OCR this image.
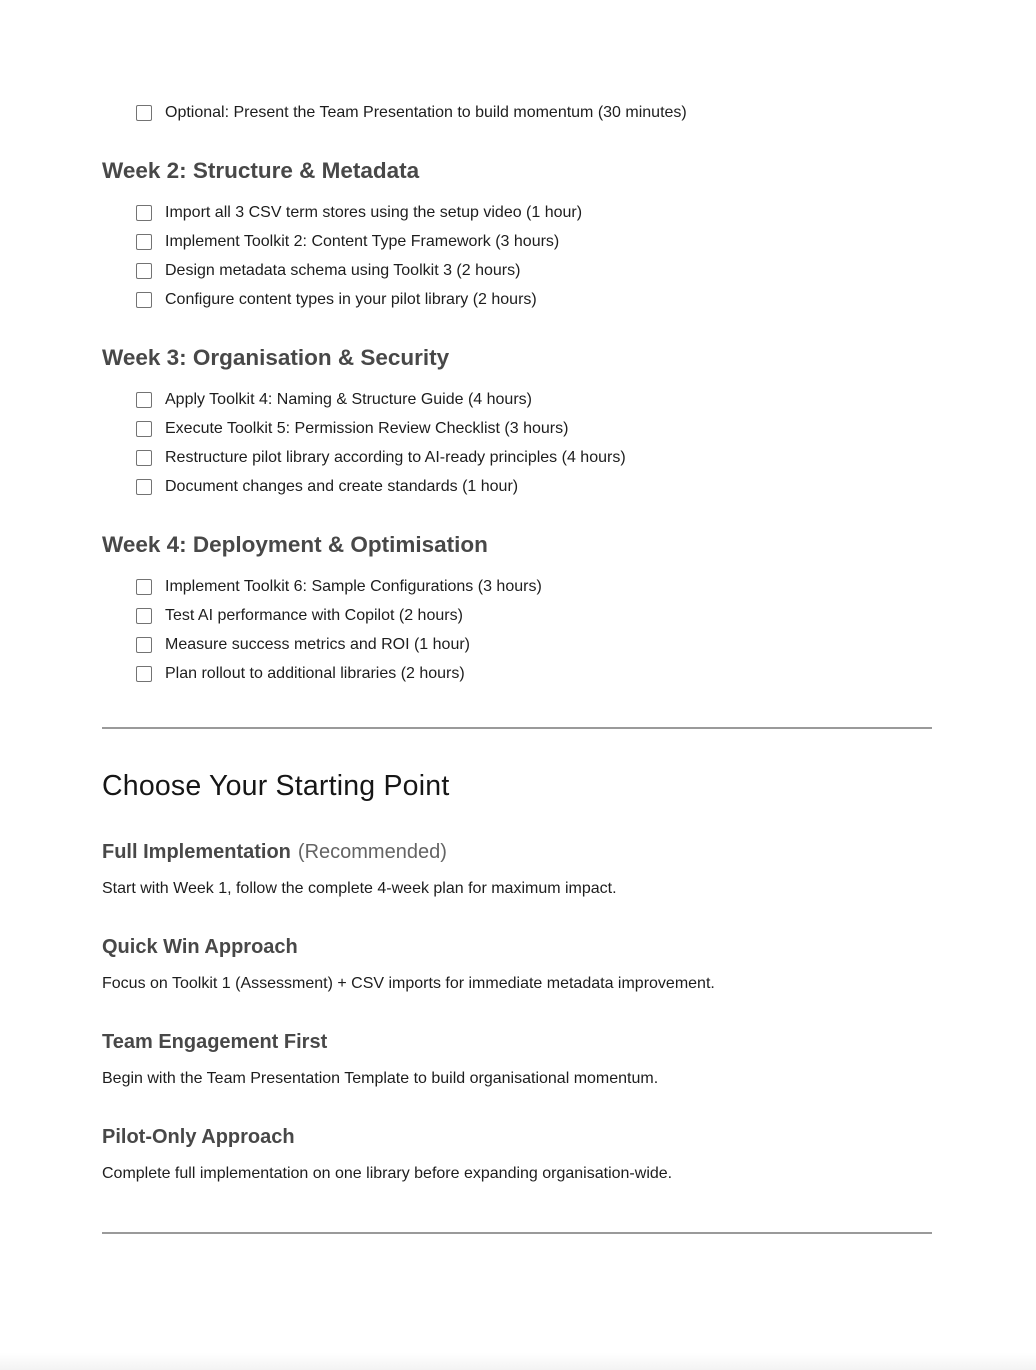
Optional: Present the Team Presentation to build momentum (30 minutes)
Week 2: Structure & Metadata
Import all 3 CSV term stores using the setup video (1 hour)
Implement Toolkit 2: Content Type Framework (3 hours)
Design metadata schema using Toolkit 3 (2 hours)
Configure content types in your pilot library (2 hours)
Week 3: Organisation & Security
Apply Toolkit 4: Naming & Structure Guide (4 hours)
Execute Toolkit 5: Permission Review Checklist (3 hours)
Restructure pilot library according to AI-ready principles (4 hours)
Document changes and create standards (1 hour)
Week 4: Deployment & Optimisation
Implement Toolkit 6: Sample Configurations (3 hours)
Test AI performance with Copilot (2 hours)
Measure success metrics and ROI (1 hour)
Plan rollout to additional libraries (2 hours)
Choose Your Starting Point
Full Implementation (Recommended)

Start with Week 1, follow the complete 4-week plan for maximum impact.

Quick Win Approach

Focus on Toolkit 1 (Assessment) + CSV imports for immediate metadata improvement.

Team Engagement First

Begin with the Team Presentation Template to build organisational momentum.

Pilot-Only Approach

Complete full implementation on one library before expanding organisation-wide.
